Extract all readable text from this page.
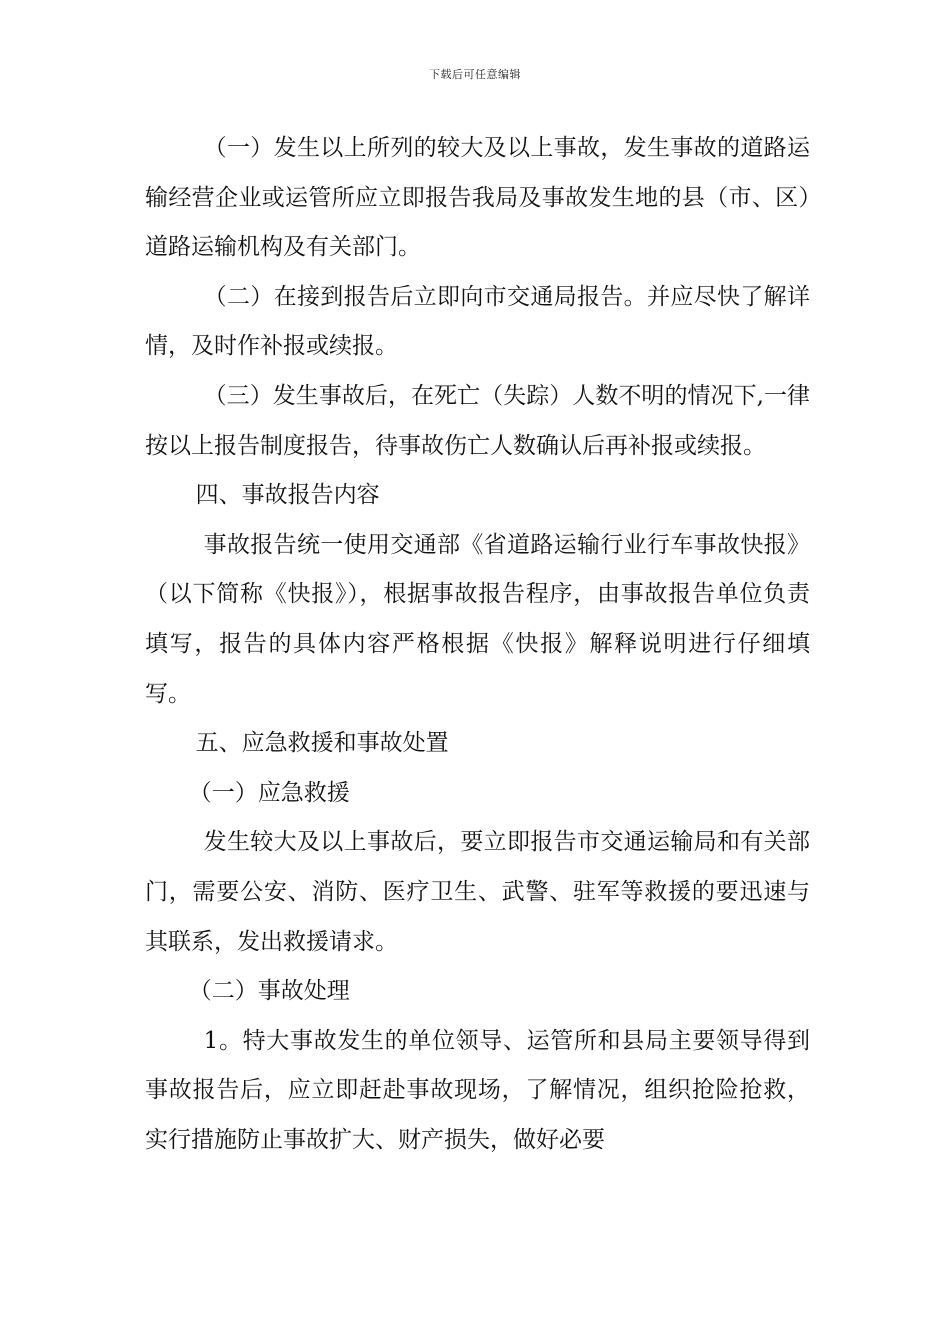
下载后可任意编辑

（一）发生以上所列的较大及以上事故，发生事故的道路运输经营企业或运管所应立即报告我局及事故发生地的县（市、区）道路运输机构及有关部门。

（二）在接到报告后立即向市交通局报告。并应尽快了解详情，及时作补报或续报。

（三）发生事故后，在死亡（失踪）人数不明的情况下,一律按以上报告制度报告，待事故伤亡人数确认后再补报或续报。

四、事故报告内容

事故报告统一使用交通部《省道路运输行业行车事故快报》（以下简称《快报》），根据事故报告程序，由事故报告单位负责填写，报告的具体内容严格根据《快报》解释说明进行仔细填写。

五、应急救援和事故处置

（一）应急救援

发生较大及以上事故后，要立即报告市交通运输局和有关部门，需要公安、消防、医疗卫生、武警、驻军等救援的要迅速与其联系，发出救援请求。

（二）事故处理

1。特大事故发生的单位领导、运管所和县局主要领导得到事故报告后，应立即赶赴事故现场，了解情况，组织抢险抢救，实行措施防止事故扩大、财产损失，做好必要
